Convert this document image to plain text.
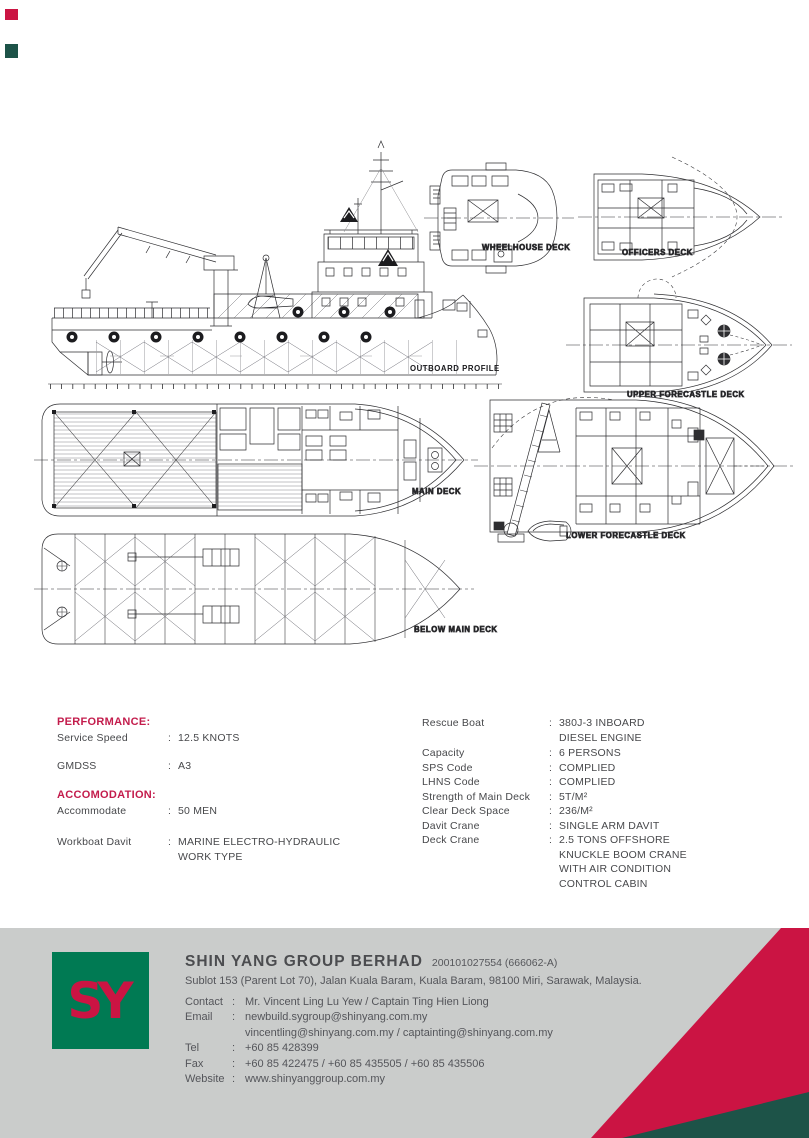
WHEELHOUSE DECK
OFFICERS DECK
OUTBOARD PROFILE
UPPER FORECASTLE DECK
MAIN DECK
LOWER FORECASTLE DECK
BELOW MAIN DECK
PERFORMANCE:
Service Speed	: 12.5 KNOTS
GMDSS	: A3
ACCOMODATION:
Accommodate	: 50 MEN
Workboat Davit	: MARINE ELECTRO-HYDRAULIC
WORK TYPE
Rescue Boat	: 380J-3 INBOARD
DIESEL ENGINE
Capacity	: 6 PERSONS
SPS Code	: COMPLIED
LHNS Code	: COMPLIED
Strength of Main Deck : 5T/M²
Clear Deck Space	: 236/M²
Davit Crane	: SINGLE ARM DAVIT
Deck Crane	: 2.5 TONS OFFSHORE
KNUCKLE BOOM CRANE
WITH AIR CONDITION
CONTROL CABIN
SY
SHIN YANG GROUP BERHAD 200101027554 (666062-A)
Sublot 153 (Parent Lot 70), Jalan Kuala Baram, Kuala Baram, 98100 Miri, Sarawak, Malaysia.
Contact : Mr. Vincent Ling Lu Yew / Captain Ting Hien Liong
Email : newbuild.sygroup@shinyang.com.my
vincentling@shinyang.com.my / captainting@shinyang.com.my
Tel	: +60 85 428399
Fax	: +60 85 422475 / +60 85 435505 / +60 85 435506
Website : www.shinyanggroup.com.my
